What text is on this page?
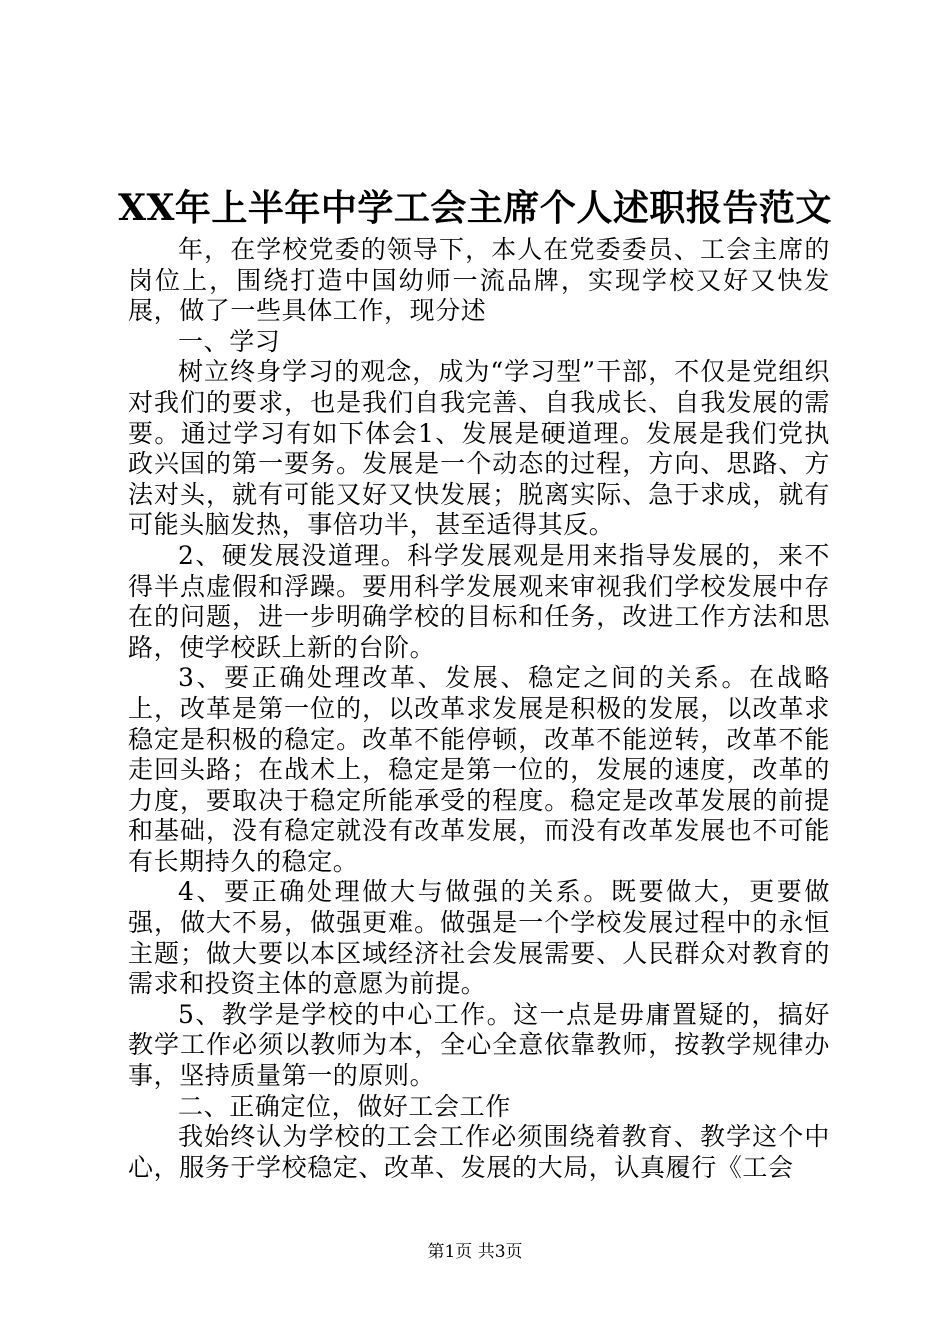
XX年上半年中学工会主席个人述职报告范文

年，在学校党委的领导下，本人在党委委员、工会主席的岗位上，围绕打造中国幼师一流品牌，实现学校又好又快发展，做了一些具体工作，现分述

一、学习

树立终身学习的观念，成为“学习型”干部，不仅是党组织对我们的要求，也是我们自我完善、自我成长、自我发展的需要。通过学习有如下体会1、发展是硬道理。发展是我们党执政兴国的第一要务。发展是一个动态的过程，方向、思路、方法对头，就有可能又好又快发展；脱离实际、急于求成，就有可能头脑发热，事倍功半，甚至适得其反。

2、硬发展没道理。科学发展观是用来指导发展的，来不得半点虚假和浮躁。要用科学发展观来审视我们学校发展中存在的问题，进一步明确学校的目标和任务，改进工作方法和思路，使学校跃上新的台阶。

3、要正确处理改革、发展、稳定之间的关系。在战略上，改革是第一位的，以改革求发展是积极的发展，以改革求稳定是积极的稳定。改革不能停顿，改革不能逆转，改革不能走回头路；在战术上，稳定是第一位的，发展的速度，改革的力度，要取决于稳定所能承受的程度。稳定是改革发展的前提和基础，没有稳定就没有改革发展，而没有改革发展也不可能有长期持久的稳定。

4、要正确处理做大与做强的关系。既要做大，更要做强，做大不易，做强更难。做强是一个学校发展过程中的永恒主题；做大要以本区域经济社会发展需要、人民群众对教育的需求和投资主体的意愿为前提。

5、教学是学校的中心工作。这一点是毋庸置疑的，搞好教学工作必须以教师为本，全心全意依靠教师，按教学规律办事，坚持质量第一的原则。

二、正确定位，做好工会工作

我始终认为学校的工会工作必须围绕着教育、教学这个中心，服务于学校稳定、改革、发展的大局，认真履行《工会

第1页 共3页
